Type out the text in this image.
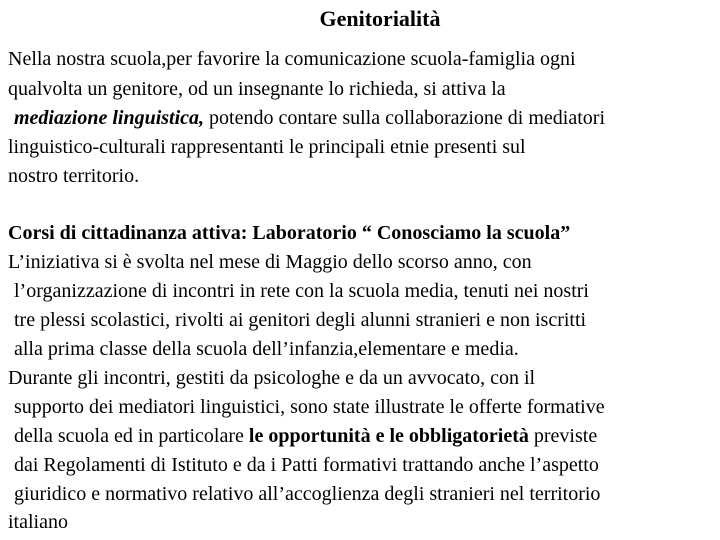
Genitorialità
Nella nostra scuola,per favorire la comunicazione scuola-famiglia ogni
qualvolta un genitore, od un insegnante lo richieda, si attiva la
mediazione linguistica, potendo contare sulla collaborazione di mediatori
linguistico-culturali rappresentanti le principali etnie presenti sul
nostro territorio.
Corsi di cittadinanza attiva: Laboratorio “ Conosciamo la scuola”
L’iniziativa si è svolta nel mese di Maggio dello scorso anno, con
l’organizzazione di incontri in rete con la scuola media, tenuti nei nostri
tre plessi scolastici, rivolti ai genitori degli alunni stranieri e non iscritti
alla prima classe della scuola dell’infanzia,elementare e media.
Durante gli incontri, gestiti da psicologhe e da un avvocato, con il
supporto dei mediatori linguistici, sono state illustrate le offerte formative
della scuola ed in particolare le opportunità e le obbligatorietà previste
dai Regolamenti di Istituto e da i Patti formativi trattando anche l’aspetto
giuridico e normativo relativo all’accoglienza degli stranieri nel territorio
italiano
